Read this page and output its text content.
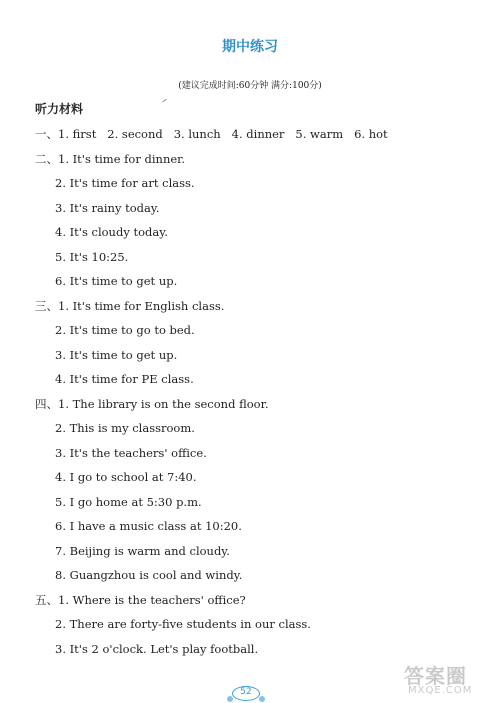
期中练习
(建议完成时间:60分钟 满分:100分)
听力材料
一、1. first   2. second   3. lunch   4. dinner   5. warm   6. hot
二、1. It's time for dinner.
2. It's time for art class.
3. It's rainy today.
4. It's cloudy today.
5. It's 10:25.
6. It's time to get up.
三、1. It's time for English class.
2. It's time to go to bed.
3. It's time to get up.
4. It's time for PE class.
四、1. The library is on the second floor.
2. This is my classroom.
3. It's the teachers' office.
4. I go to school at 7:40.
5. I go home at 5:30 p.m.
6. I have a music class at 10:20.
7. Beijing is warm and cloudy.
8. Guangzhou is cool and windy.
五、1. Where is the teachers' office?
2. There are forty-five students in our class.
3. It's 2 o'clock. Let's play football.
52
答案圈
MXQE.COM
